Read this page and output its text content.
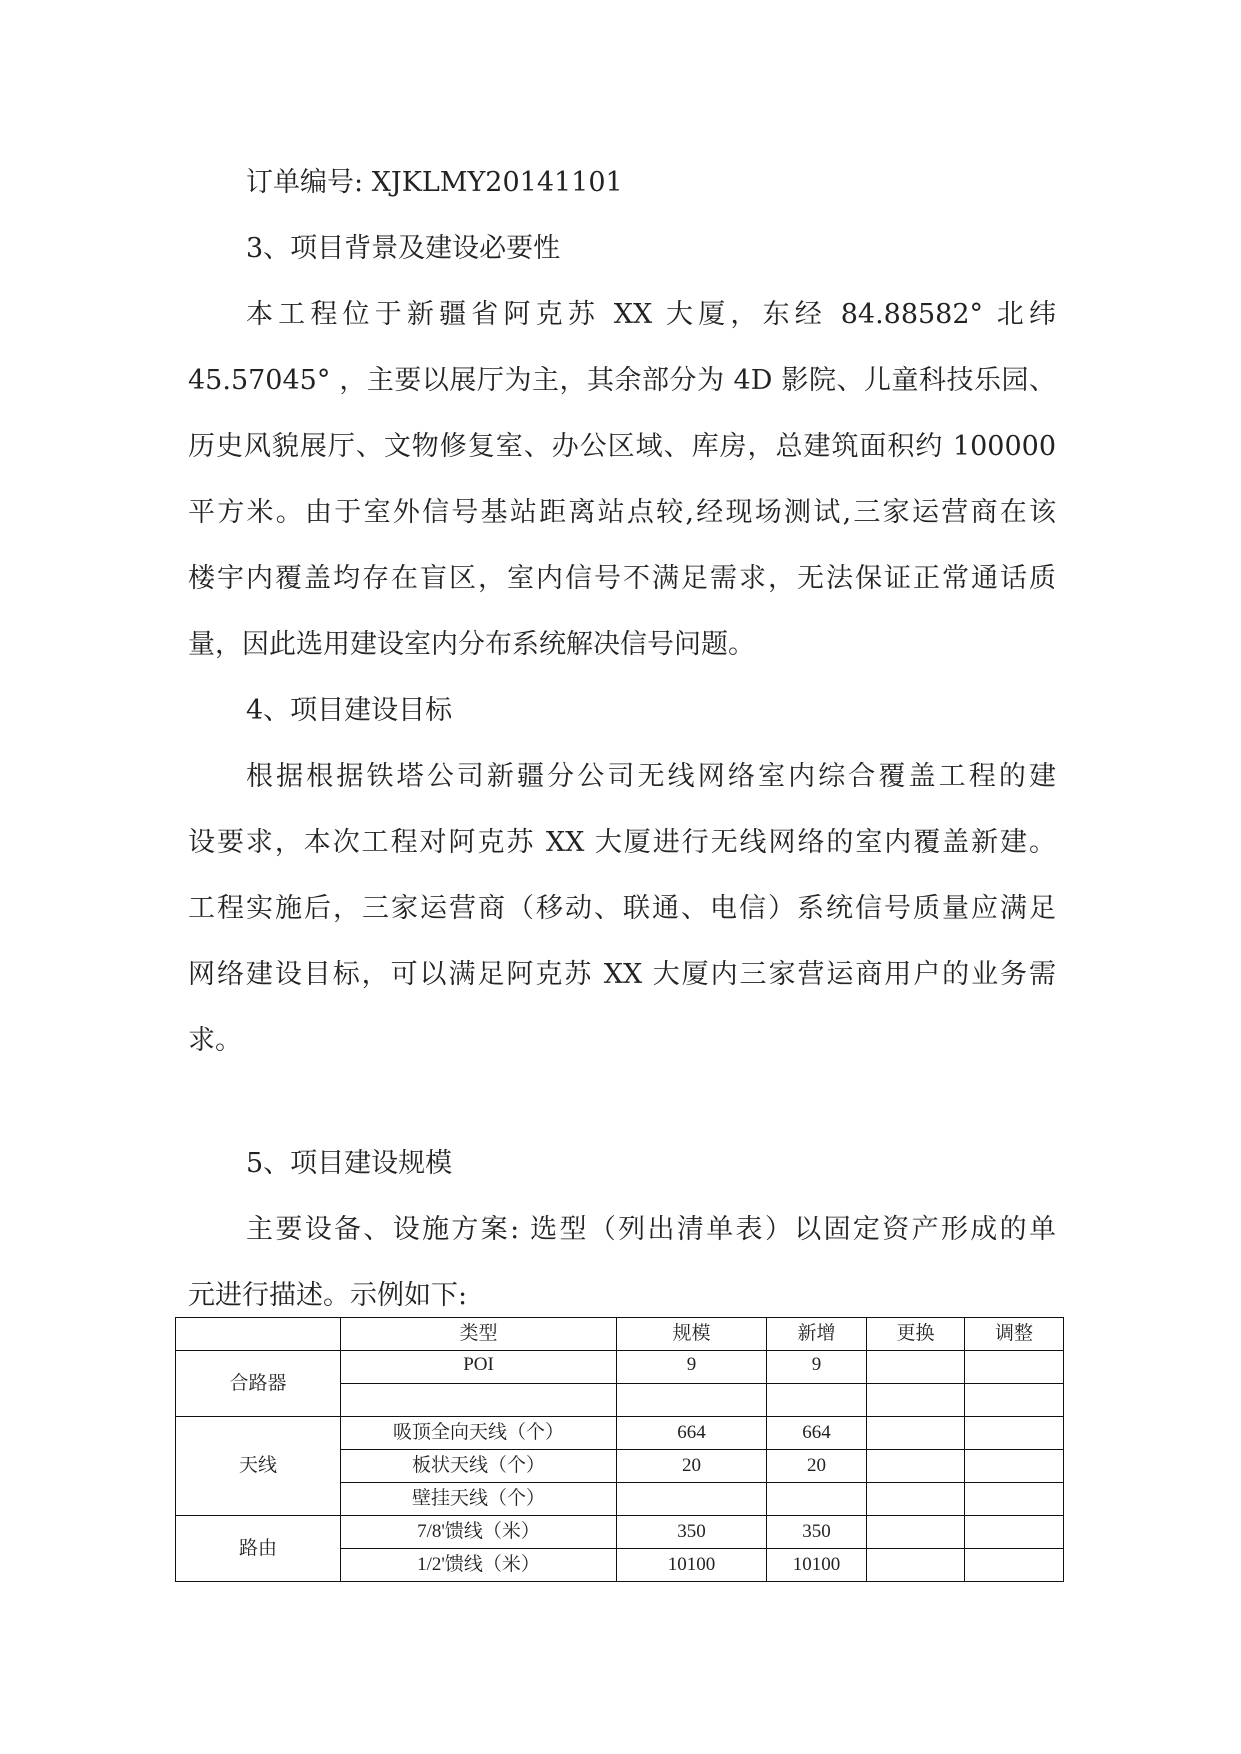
订单编号: XJKLMY20141101
3、项目背景及建设必要性
本工程位于新疆省阿克苏 XX 大厦，东经 84.88582° 北纬
45.57045° ，主要以展厅为主，其余部分为 4D 影院、儿童科技乐园、
历史风貌展厅、文物修复室、办公区域、库房，总建筑面积约 100000
平方米。由于室外信号基站距离站点较,经现场测试,三家运营商在该
楼宇内覆盖均存在盲区，室内信号不满足需求，无法保证正常通话质
量，因此选用建设室内分布系统解决信号问题。
4、项目建设目标
根据根据铁塔公司新疆分公司无线网络室内综合覆盖工程的建
设要求，本次工程对阿克苏 XX 大厦进行无线网络的室内覆盖新建。
工程实施后，三家运营商（移动、联通、电信）系统信号质量应满足
网络建设目标，可以满足阿克苏 XX 大厦内三家营运商用户的业务需
求。
5、项目建设规模
主要设备、设施方案: 选型（列出清单表）以固定资产形成的单
元进行描述。示例如下:
	类型	规模	新增	更换	调整
合路器	POI	9	9		

天线	吸顶全向天线（个）	664	664		
	板状天线（个）	20	20		
	壁挂天线（个）				
路由	7/8'馈线（米）	350	350		
	1/2'馈线（米）	10100	10100		
